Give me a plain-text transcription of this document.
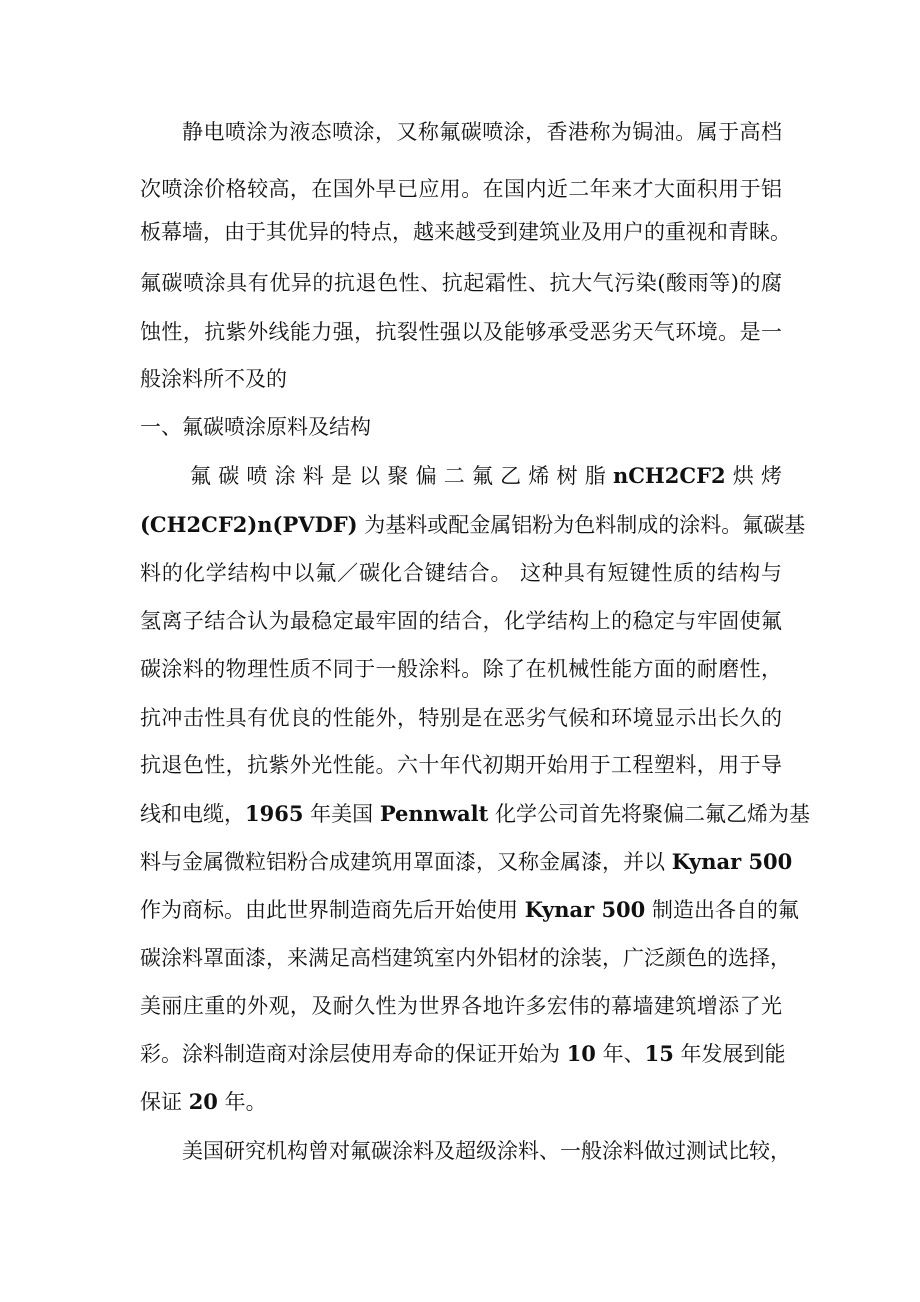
静电喷涂为液态喷涂，又称氟碳喷涂，香港称为锔油。属于高档
次喷涂价格较高，在国外早已应用。在国内近二年来才大面积用于铝
板幕墙，由于其优异的特点，越来越受到建筑业及用户的重视和青睐。
氟碳喷涂具有优异的抗退色性、抗起霜性、抗大气污染(酸雨等)的腐
蚀性，抗紫外线能力强，抗裂性强以及能够承受恶劣天气环境。是一
般涂料所不及的
一、氟碳喷涂原料及结构
氟碳喷涂料是以聚偏二氟乙烯树脂nCH2CF2烘烤
(CH2CF2)n(PVDF) 为基料或配金属铝粉为色料制成的涂料。氟碳基
料的化学结构中以氟／碳化合键结合。 这种具有短键性质的结构与
氢离子结合认为最稳定最牢固的结合，化学结构上的稳定与牢固使氟
碳涂料的物理性质不同于一般涂料。除了在机械性能方面的耐磨性，
抗冲击性具有优良的性能外，特别是在恶劣气候和环境显示出长久的
抗退色性，抗紫外光性能。六十年代初期开始用于工程塑料，用于导
线和电缆，1965 年美国 Pennwalt 化学公司首先将聚偏二氟乙烯为基
料与金属微粒铝粉合成建筑用罩面漆，又称金属漆，并以 Kynar 500
作为商标。由此世界制造商先后开始使用 Kynar 500 制造出各自的氟
碳涂料罩面漆，来满足高档建筑室内外铝材的涂装，广泛颜色的选择，
美丽庄重的外观，及耐久性为世界各地许多宏伟的幕墙建筑增添了光
彩。涂料制造商对涂层使用寿命的保证开始为 10 年、15 年发展到能
保证 20 年。
美国研究机构曾对氟碳涂料及超级涂料、一般涂料做过测试比较，
